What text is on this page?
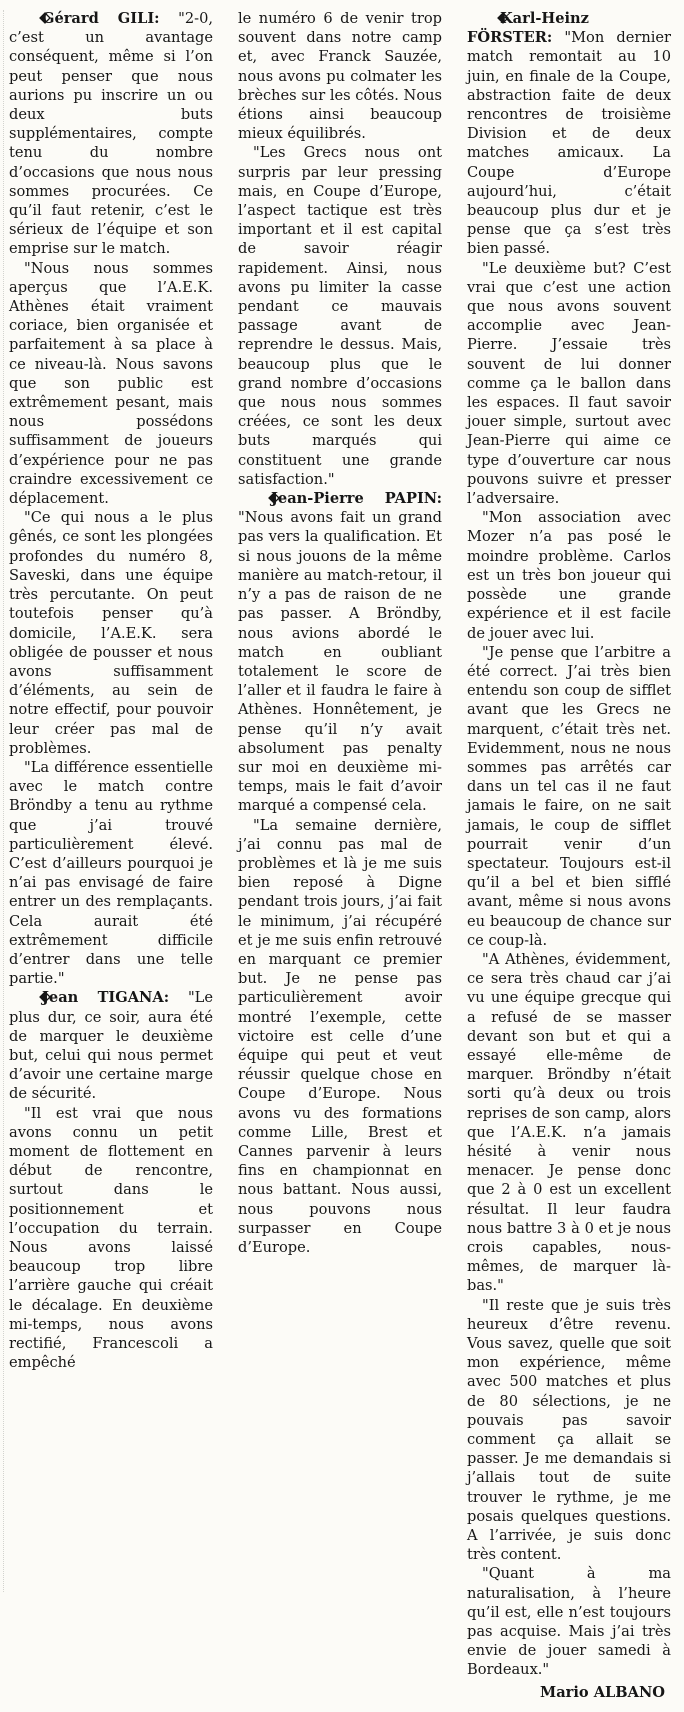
Gérard GILI: "2-0, c’est un avantage conséquent, même si l’on peut penser que nous aurions pu inscrire un ou deux buts supplémentaires, compte tenu du nombre d’occasions que nous nous sommes procurées. Ce qu’il faut retenir, c’est le sérieux de l’équipe et son emprise sur le match.

"Nous nous sommes aperçus que l’A.E.K. Athènes était vraiment coriace, bien organisée et parfaitement à sa place à ce niveau-là. Nous savons que son public est extrêmement pesant, mais nous possédons suffisamment de joueurs d’expérience pour ne pas craindre excessivement ce déplacement.

"Ce qui nous a le plus gênés, ce sont les plongées profondes du numéro 8, Saveski, dans une équipe très percutante. On peut toutefois penser qu’à domicile, l’A.E.K. sera obligée de pousser et nous avons suffisamment d’éléments, au sein de notre effectif, pour pouvoir leur créer pas mal de problèmes.

"La différence essentielle avec le match contre Bröndby a tenu au rythme que j’ai trouvé particulièrement élevé. C’est d’ailleurs pourquoi je n’ai pas envisagé de faire entrer un des remplaçants. Cela aurait été extrêmement difficile d’entrer dans une telle partie."

Jean TIGANA: "Le plus dur, ce soir, aura été de marquer le deuxième but, celui qui nous permet d’avoir une certaine marge de sécurité.

"Il est vrai que nous avons connu un petit moment de flottement en début de rencontre, surtout dans le positionnement et l’occupation du terrain. Nous avons laissé beaucoup trop libre l’arrière gauche qui créait le décalage. En deuxième mi-temps, nous avons rectifié, Francescoli a empêché

le numéro 6 de venir trop souvent dans notre camp et, avec Franck Sauzée, nous avons pu colmater les brèches sur les côtés. Nous étions ainsi beaucoup mieux équilibrés.

"Les Grecs nous ont surpris par leur pressing mais, en Coupe d’Europe, l’aspect tactique est très important et il est capital de savoir réagir rapidement. Ainsi, nous avons pu limiter la casse pendant ce mauvais passage avant de reprendre le dessus. Mais, beaucoup plus que le grand nombre d’occasions que nous nous sommes créées, ce sont les deux buts marqués qui constituent une grande satisfaction."

Jean-Pierre PAPIN: "Nous avons fait un grand pas vers la qualification. Et si nous jouons de la même manière au match-retour, il n’y a pas de raison de ne pas passer. A Bröndby, nous avions abordé le match en oubliant totalement le score de l’aller et il faudra le faire à Athènes. Honnêtement, je pense qu’il n’y avait absolument pas penalty sur moi en deuxième mi-temps, mais le fait d’avoir marqué a compensé cela.

"La semaine dernière, j’ai connu pas mal de problèmes et là je me suis bien reposé à Digne pendant trois jours, j’ai fait le minimum, j’ai récupéré et je me suis enfin retrouvé en marquant ce premier but. Je ne pense pas particulièrement avoir montré l’exemple, cette victoire est celle d’une équipe qui peut et veut réussir quelque chose en Coupe d’Europe. Nous avons vu des formations comme Lille, Brest et Cannes parvenir à leurs fins en championnat en nous battant. Nous aussi, nous pouvons nous surpasser en Coupe d’Europe.

Karl-Heinz FÖRSTER: "Mon dernier match remontait au 10 juin, en finale de la Coupe, abstraction faite de deux rencontres de troisième Division et de deux matches amicaux. La Coupe d’Europe aujourd’hui, c’était beaucoup plus dur et je pense que ça s’est très bien passé.

"Le deuxième but? C’est vrai que c’est une action que nous avons souvent accomplie avec Jean-Pierre. J’essaie très souvent de lui donner comme ça le ballon dans les espaces. Il faut savoir jouer simple, surtout avec Jean-Pierre qui aime ce type d’ouverture car nous pouvons suivre et presser l’adversaire.

"Mon association avec Mozer n’a pas posé le moindre problème. Carlos est un très bon joueur qui possède une grande expérience et il est facile de jouer avec lui.

"Je pense que l’arbitre a été correct. J’ai très bien entendu son coup de sifflet avant que les Grecs ne marquent, c’était très net. Evidemment, nous ne nous sommes pas arrêtés car dans un tel cas il ne faut jamais le faire, on ne sait jamais, le coup de sifflet pourrait venir d’un spectateur. Toujours est-il qu’il a bel et bien sifflé avant, même si nous avons eu beaucoup de chance sur ce coup-là.

"A Athènes, évidemment, ce sera très chaud car j’ai vu une équipe grecque qui a refusé de se masser devant son but et qui a essayé elle-même de marquer. Bröndby n’était sorti qu’à deux ou trois reprises de son camp, alors que l’A.E.K. n’a jamais hésité à venir nous menacer. Je pense donc que 2 à 0 est un excellent résultat. Il leur faudra nous battre 3 à 0 et je nous crois capables, nous-mêmes, de marquer là-bas."

"Il reste que je suis très heureux d’être revenu. Vous savez, quelle que soit mon expérience, même avec 500 matches et plus de 80 sélections, je ne pouvais pas savoir comment ça allait se passer. Je me demandais si j’allais tout de suite trouver le rythme, je me posais quelques questions. A l’arrivée, je suis donc très content.

"Quant à ma naturalisation, à l’heure qu’il est, elle n’est toujours pas acquise. Mais j’ai très envie de jouer samedi à Bordeaux."

Mario ALBANO
